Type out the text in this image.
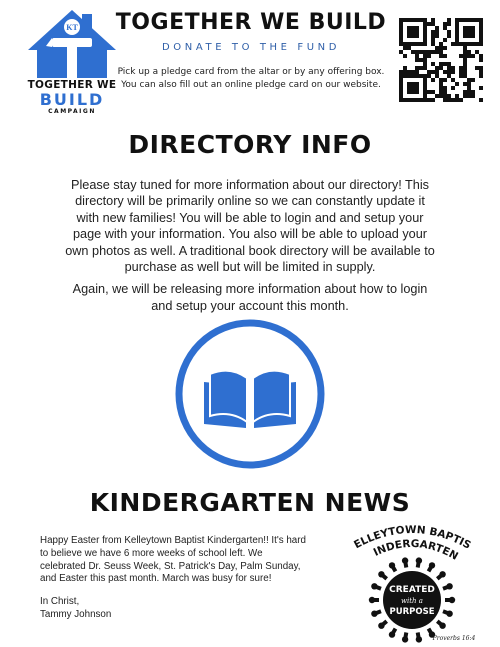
KT
TOGETHER WE
BUILD
CAMPAIGN
TOGETHER WE BUILD
DONATE TO THE FUND
Pick up a pledge card from the altar or by any offering box.
You can also fill out an online pledge card on our website.
DIRECTORY INFO

Please stay tuned for more information about our directory! This directory will be primarily online so we can constantly update it with new families! You will be able to login and and setup your page with your information. You also will be able to upload your own photos as well. A traditional book directory will be available to purchase as well but will be limited in supply.

Again, we will be releasing more information about how to login and setup your account this month.

KINDERGARTEN NEWS

Happy Easter from Kelleytown Baptist Kindergarten!! It's hard to believe we have 6 more weeks of school left. We celebrated Dr. Seuss Week, St. Patrick's Day, Palm Sunday, and Easter this past month. March was busy for sure!

In Christ,
Tammy Johnson
ELLEYTOWN BAPTIS
INDERGARTEN
CREATED
with a
PURPOSE
Proverbs 16:4
